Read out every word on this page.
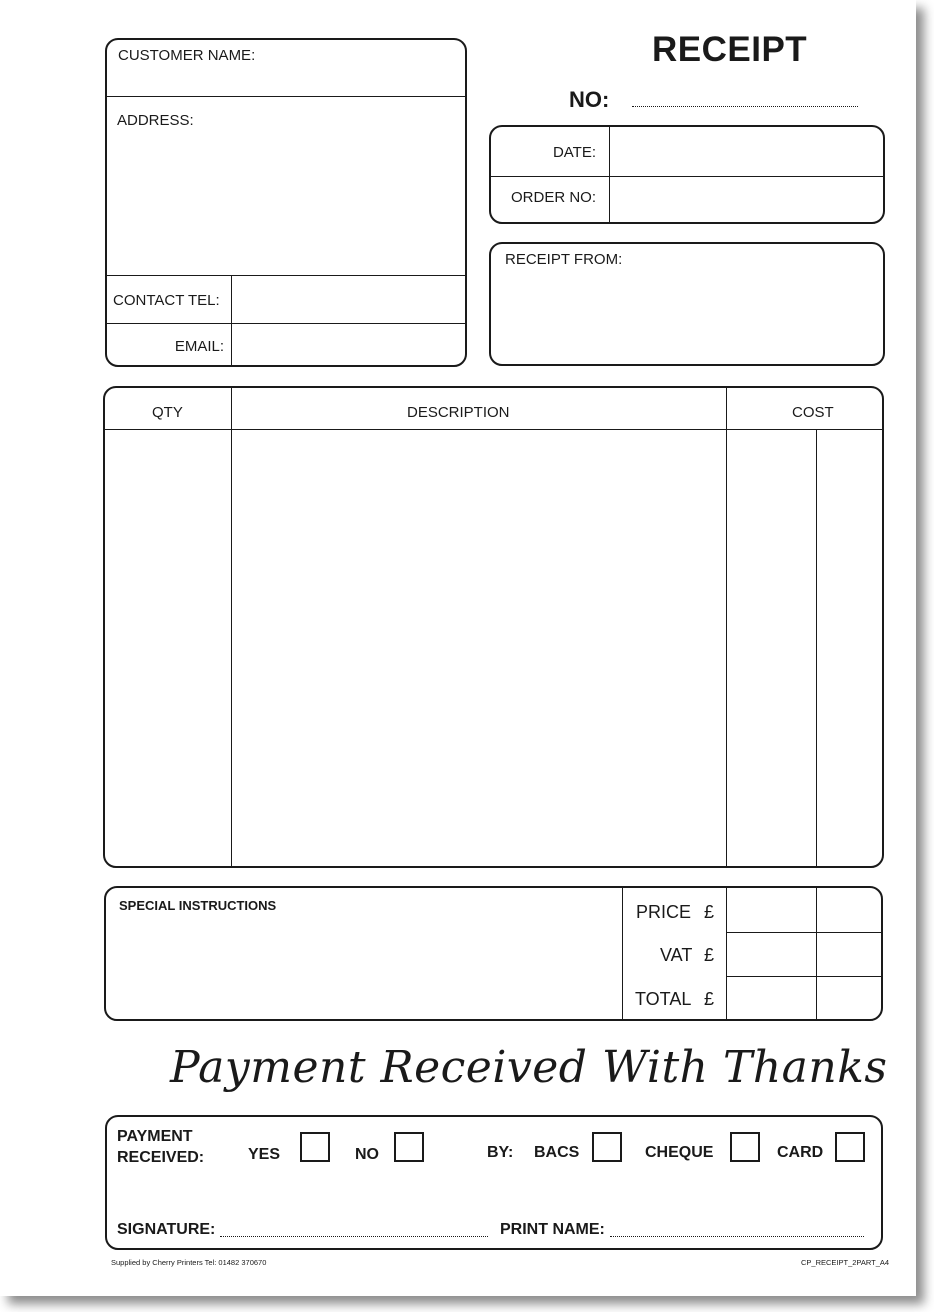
RECEIPT
NO:
CUSTOMER NAME:
ADDRESS:
CONTACT TEL:
EMAIL:
DATE:
ORDER NO:
RECEIPT FROM:
QTY	DESCRIPTION	COST
SPECIAL INSTRUCTIONS	PRICE £
VAT £
TOTAL £
Payment Received With Thanks
PAYMENT
RECEIVED:	YES	NO	BY: BACS	CHEQUE	CARD
SIGNATURE:	PRINT NAME:
Supplied by Cherry Printers Tel: 01482 370670	CP_RECEIPT_2PART_A4
